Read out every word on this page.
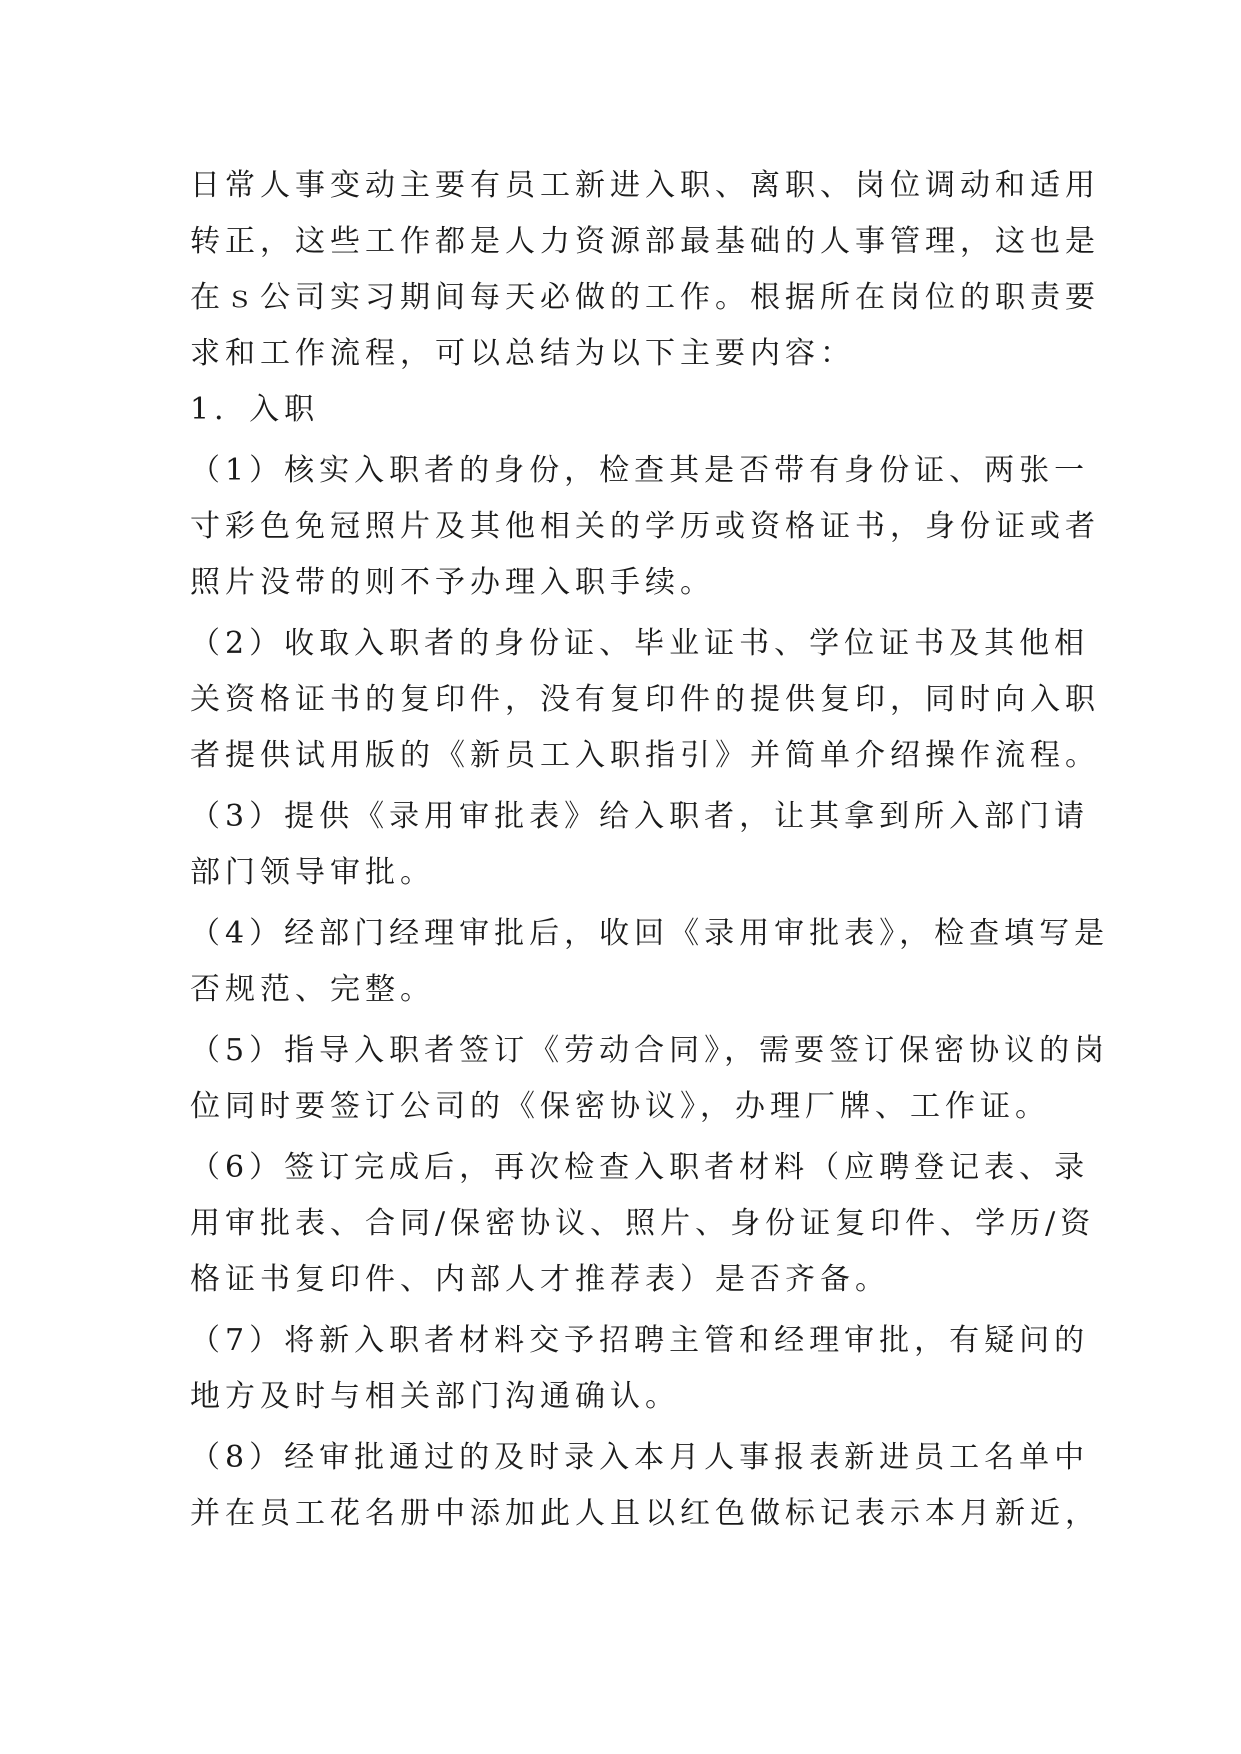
日常人事变动主要有员工新进入职、离职、岗位调动和适用
转正，这些工作都是人力资源部最基础的人事管理，这也是
在ｓ公司实习期间每天必做的工作。根据所在岗位的职责要
求和工作流程，可以总结为以下主要内容：
1．入职
（1）核实入职者的身份，检查其是否带有身份证、两张一
寸彩色免冠照片及其他相关的学历或资格证书，身份证或者
照片没带的则不予办理入职手续。
（2）收取入职者的身份证、毕业证书、学位证书及其他相
关资格证书的复印件，没有复印件的提供复印，同时向入职
者提供试用版的《新员工入职指引》并简单介绍操作流程。
（3）提供《录用审批表》给入职者，让其拿到所入部门请
部门领导审批。
（4）经部门经理审批后，收回《录用审批表》，检查填写是
否规范、完整。
（5）指导入职者签订《劳动合同》，需要签订保密协议的岗
位同时要签订公司的《保密协议》，办理厂牌、工作证。
（6）签订完成后，再次检查入职者材料（应聘登记表、录
用审批表、合同/保密协议、照片、身份证复印件、学历/资
格证书复印件、内部人才推荐表）是否齐备。
（7）将新入职者材料交予招聘主管和经理审批，有疑问的
地方及时与相关部门沟通确认。
（8）经审批通过的及时录入本月人事报表新进员工名单中
并在员工花名册中添加此人且以红色做标记表示本月新近，
